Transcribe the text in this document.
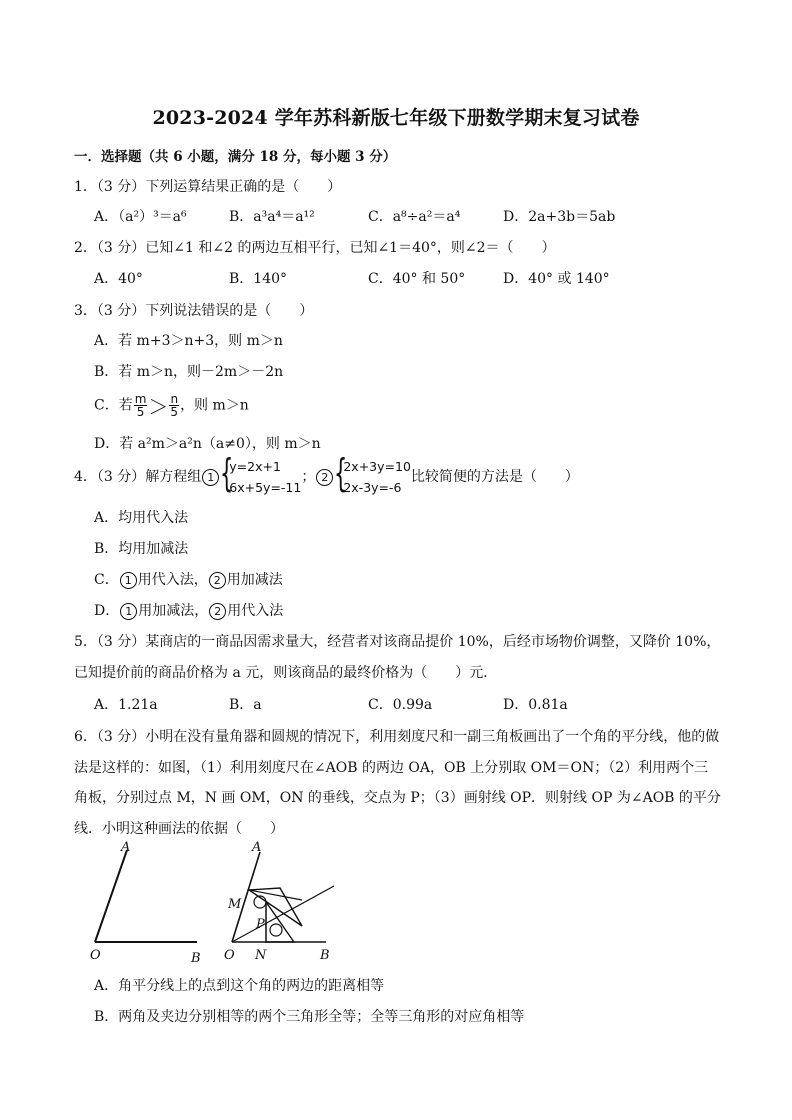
2023-2024 学年苏科新版七年级下册数学期末复习试卷
一．选择题（共 6 小题，满分 18 分，每小题 3 分）
1．（3 分）下列运算结果正确的是（　　）
A．（a²）³＝a⁶	B．a³a⁴＝a¹²	C．a⁸÷a²＝a⁴	D．2a+3b＝5ab
2．（3 分）已知∠1 和∠2 的两边互相平行，已知∠1＝40°，则∠2＝（　　）
A．40°	B．140°	C．40° 和 50°	D．40° 或 140°
3．（3 分）下列说法错误的是（　　）
A．若 m+3＞n+3，则 m＞n
B．若 m＞n，则－2m＞－2n
C．若 $\frac{m}{5} > \frac{n}{5}$ ，则 m＞n
D．若 a²m＞a²n（a≠0），则 m＞n
4．（3 分）解方程组 1 {
y=2x+1
6x+5y=-11
； 2 {
2x+3y=10
2x-3y=-6
比较简便的方法是（　　）
A．均用代入法
B．均用加减法
C． 1 用代入法， 2 用加减法
D． 1 用加减法， 2 用代入法
5．（3 分）某商店的一商品因需求量大，经营者对该商品提价 10%，后经市场物价调整，又降价 10%，
已知提价前的商品价格为 a 元，则该商品的最终价格为（　　）元．
A．1.21a	B．a	C．0.99a	D．0.81a
6．（3 分）小明在没有量角器和圆规的情况下，利用刻度尺和一副三角板画出了一个角的平分线，他的做
法是这样的：如图，（1）利用刻度尺在∠AOB 的两边 OA，OB 上分别取 OM＝ON；（2）利用两个三
角板，分别过点 M，N 画 OM，ON 的垂线，交点为 P；（3）画射线 OP．则射线 OP 为∠AOB 的平分
线．小明这种画法的依据（　　）
A
O	B
A
M
P
O N	B
A．角平分线上的点到这个角的两边的距离相等
B．两角及夹边分别相等的两个三角形全等；全等三角形的对应角相等
